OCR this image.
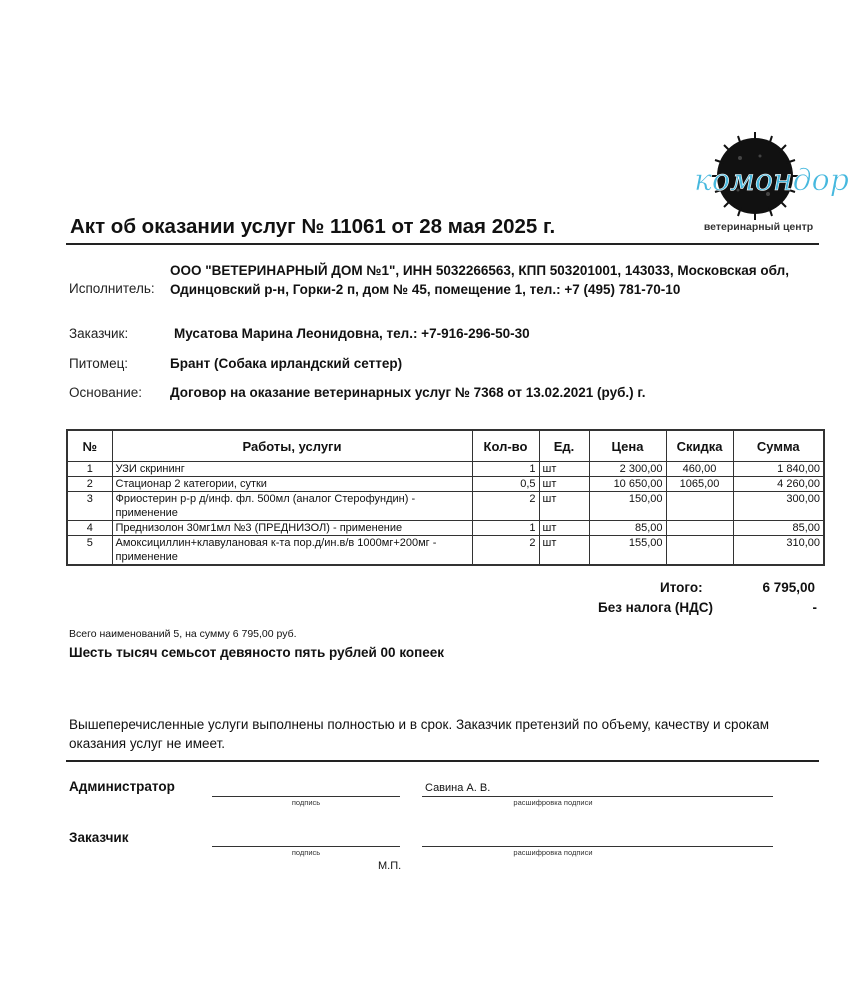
комондор
ветеринарный центр
Акт об оказании услуг № 11061 от 28 мая 2025 г.
Исполнитель:
ООО "ВЕТЕРИНАРНЫЙ ДОМ №1", ИНН 5032266563, КПП 503201001, 143033, Московская обл, Одинцовский р-н, Горки-2 п, дом № 45, помещение 1, тел.: +7 (495) 781-70-10
Заказчик:	Мусатова Марина Леонидовна, тел.: +7-916-296-50-30
Питомец:	Брант (Собака ирландский сеттер)
Основание: Договор на оказание ветеринарных услуг № 7368 от 13.02.2021 (руб.) г.
№	Работы, услуги	Кол-во	Ед.	Цена	Скидка	Сумма
1	УЗИ скрининг	1	шт	2 300,00	460,00	1 840,00
2	Стационар 2 категории, сутки	0,5	шт	10 650,00	1065,00	4 260,00
3	Фриостерин р-р д/инф. фл. 500мл (аналог Стерофундин) - применение	2	шт	150,00		300,00
4	Преднизолон 30мг1мл №3 (ПРЕДНИЗОЛ) - применение	1	шт	85,00		85,00
5	Амоксициллин+клавулановая к-та пор.д/ин.в/в 1000мг+200мг - применение	2	шт	155,00		310,00
Итого:	6 795,00
Без налога (НДС)	-
Всего наименований 5, на сумму 6 795,00 руб.
Шесть тысяч семьсот девяносто пять рублей 00 копеек
Вышеперечисленные услуги выполнены полностью и в срок. Заказчик претензий по объему, качеству и срокам оказания услуг не имеет.
Администратор
подпись
Савина А. В.
расшифровка подписи
Заказчик
подпись	расшифровка подписи
М.П.
